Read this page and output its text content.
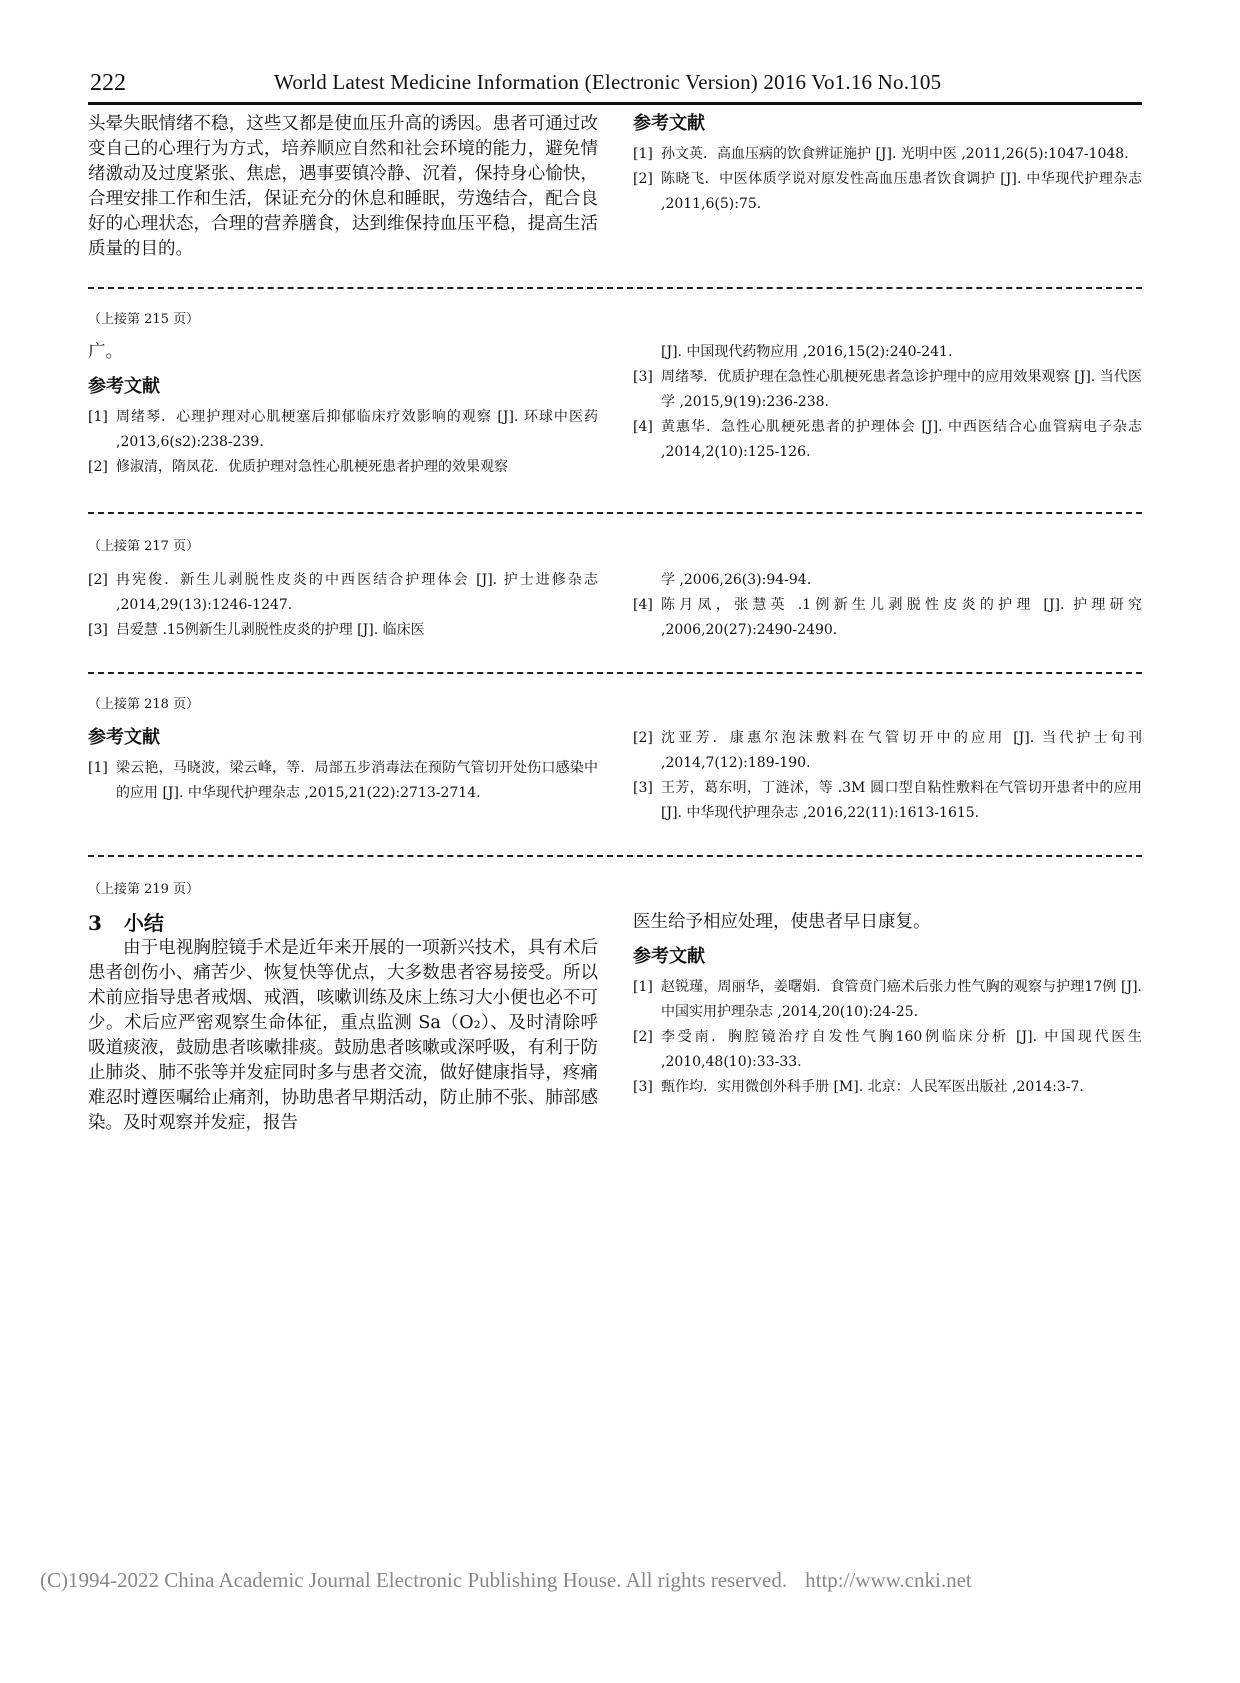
222	World Latest Medicine Information (Electronic Version) 2016 Vo1.16 No.105

头晕失眠情绪不稳，这些又都是使血压升高的诱因。患者可通过改变自己的心理行为方式，培养顺应自然和社会环境的能力，避免情绪激动及过度紧张、焦虑，遇事要镇冷静、沉着，保持身心愉快，合理安排工作和生活，保证充分的休息和睡眠，劳逸结合，配合良好的心理状态，合理的营养膳食，达到维保持血压平稳，提高生活质量的目的。

参考文献

[1] 孙文英．高血压病的饮食辨证施护 [J]. 光明中医 ,2011,26(5):1047-1048.
[2] 陈晓飞．中医体质学说对原发性高血压患者饮食调护 [J]. 中华现代护理杂志 ,2011,6(5):75.

（上接第 215 页）

广。

参考文献

[1] 周绪琴．心理护理对心肌梗塞后抑郁临床疗效影响的观察 [J]. 环球中医药 ,2013,6(s2):238-239.
[2] 修淑清，隋凤花．优质护理对急性心肌梗死患者护理的效果观察

[J]. 中国现代药物应用 ,2016,15(2):240-241.

[3] 周绪琴．优质护理在急性心肌梗死患者急诊护理中的应用效果观察 [J]. 当代医学 ,2015,9(19):236-238.
[4] 黄惠华．急性心肌梗死患者的护理体会 [J]. 中西医结合心血管病电子杂志 ,2014,2(10):125-126.

（上接第 217 页）

[2] 冉宪俊．新生儿剥脱性皮炎的中西医结合护理体会 [J]. 护士进修杂志 ,2014,29(13):1246-1247.
[3] 吕爱慧 .15例新生儿剥脱性皮炎的护理 [J]. 临床医

学 ,2006,26(3):94-94.

[4] 陈月凤，张慧英 .1例新生儿剥脱性皮炎的护理 [J]. 护理研究 ,2006,20(27):2490-2490.

（上接第 218 页）

参考文献

[1] 梁云艳，马晓波，梁云峰，等．局部五步消毒法在预防气管切开处伤口感染中的应用 [J]. 中华现代护理杂志 ,2015,21(22):2713-2714.
[2] 沈亚芳．康惠尔泡沫敷料在气管切开中的应用 [J]. 当代护士旬刊 ,2014,7(12):189-190.
[3] 王芳，葛东明，丁涟沭，等 .3M 圆口型自粘性敷料在气管切开患者中的应用 [J]. 中华现代护理杂志 ,2016,22(11):1613-1615.

（上接第 219 页）

3 小结

由于电视胸腔镜手术是近年来开展的一项新兴技术，具有术后患者创伤小、痛苦少、恢复快等优点，大多数患者容易接受。所以术前应指导患者戒烟、戒酒，咳嗽训练及床上练习大小便也必不可少。术后应严密观察生命体征，重点监测 Sa（O₂）、及时清除呼吸道痰液，鼓励患者咳嗽排痰。鼓励患者咳嗽或深呼吸，有利于防止肺炎、肺不张等并发症同时多与患者交流，做好健康指导，疼痛难忍时遵医嘱给止痛剂，协助患者早期活动，防止肺不张、肺部感染。及时观察并发症，报告

医生给予相应处理，使患者早日康复。

参考文献

[1] 赵锐瑾，周丽华，姜曙娟．食管贲门癌术后张力性气胸的观察与护理17例 [J]. 中国实用护理杂志 ,2014,20(10):24-25.
[2] 李受南．胸腔镜治疗自发性气胸160例临床分析 [J]. 中国现代医生 ,2010,48(10):33-33.
[3] 甄作均．实用微创外科手册 [M]. 北京：人民军医出版社 ,2014:3-7.
(C)1994-2022 China Academic Journal Electronic Publishing House. All rights reserved. http://www.cnki.net
